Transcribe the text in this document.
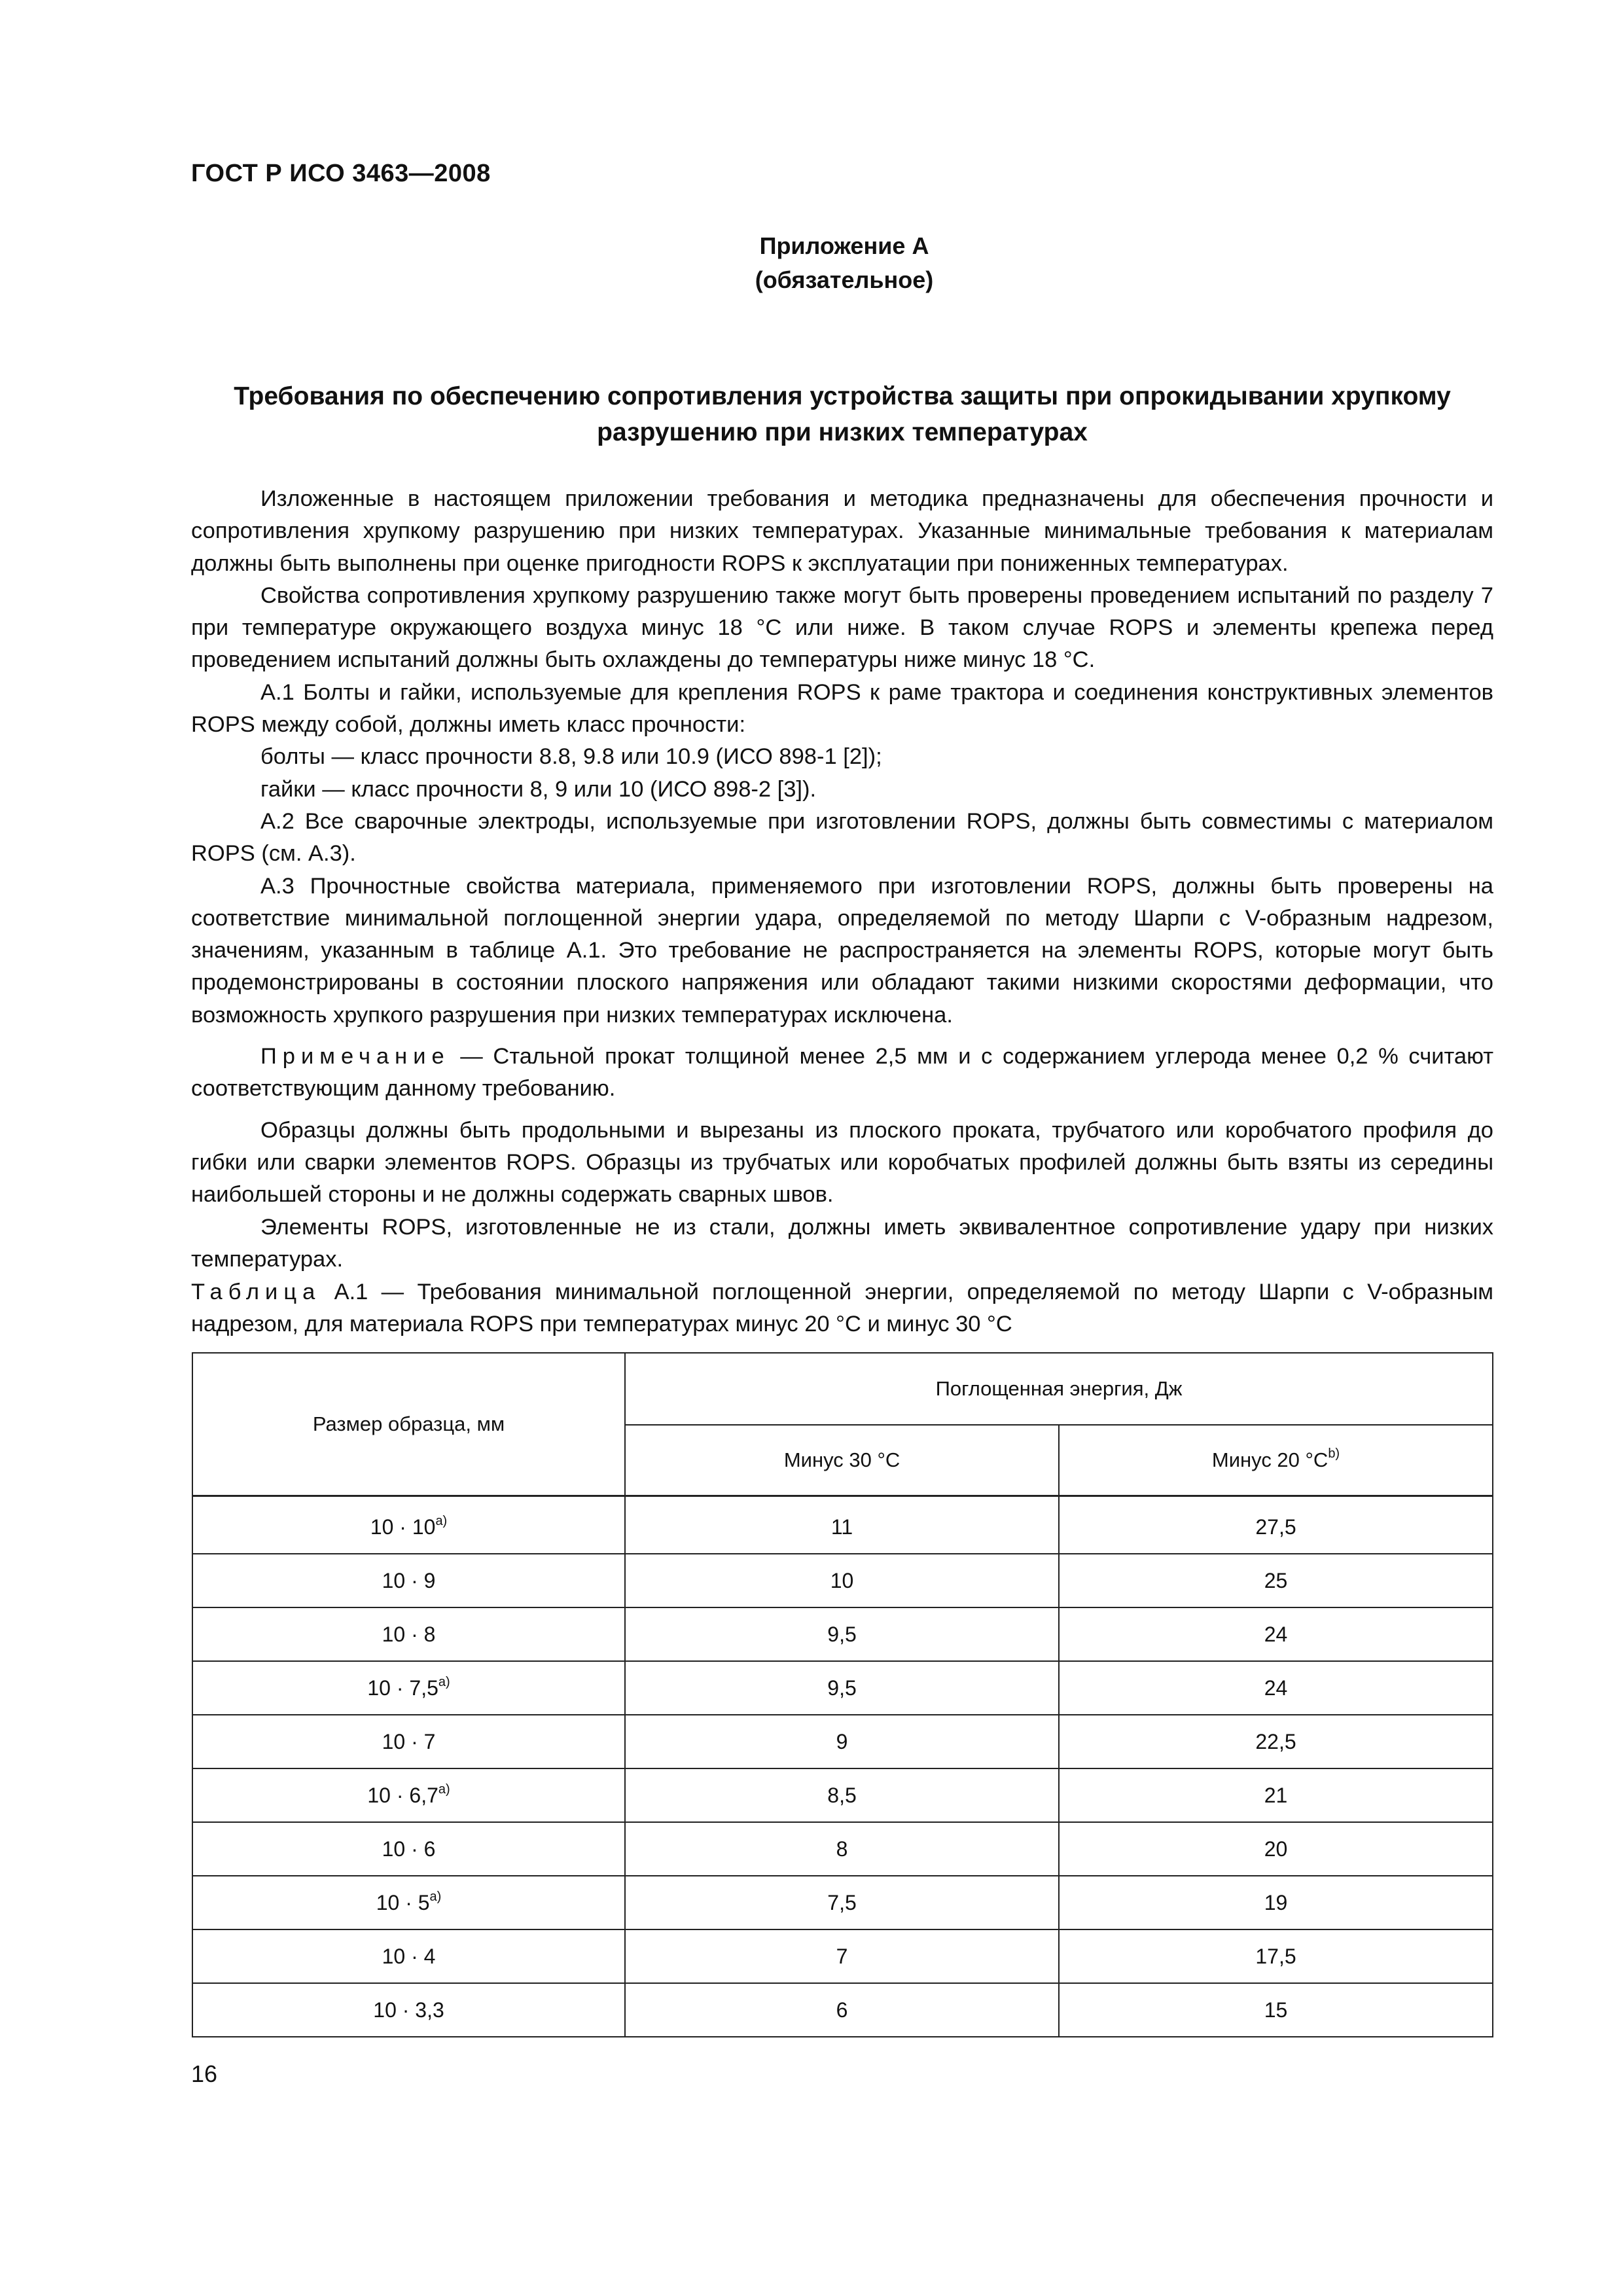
ГОСТ Р ИСО 3463—2008
Приложение А
(обязательное)
Требования по обеспечению сопротивления устройства защиты при опрокидывании хрупкому
разрушению при низких температурах

Изложенные в настоящем приложении требования и методика предназначены для обеспечения прочности и сопротивления хрупкому разрушению при низких температурах. Указанные минимальные требования к материалам должны быть выполнены при оценке пригодности ROPS к эксплуатации при пониженных температурах.

Свойства сопротивления хрупкому разрушению также могут быть проверены проведением испытаний по разделу 7 при температуре окружающего воздуха минус 18 °С или ниже. В таком случае ROPS и элементы крепежа перед проведением испытаний должны быть охлаждены до температуры ниже минус 18 °С.

А.1 Болты и гайки, используемые для крепления ROPS к раме трактора и соединения конструктивных элементов ROPS между собой, должны иметь класс прочности:

болты — класс прочности 8.8, 9.8 или 10.9 (ИСО 898-1 [2]);

гайки — класс прочности 8, 9 или 10 (ИСО 898-2 [3]).

А.2 Все сварочные электроды, используемые при изготовлении ROPS, должны быть совместимы с материалом ROPS (см. А.3).

А.3 Прочностные свойства материала, применяемого при изготовлении ROPS, должны быть проверены на соответствие минимальной поглощенной энергии удара, определяемой по методу Шарпи с V-образным надрезом, значениям, указанным в таблице А.1. Это требование не распространяется на элементы ROPS, которые могут быть продемонстрированы в состоянии плоского напряжения или обладают такими низкими скоростями деформации, что возможность хрупкого разрушения при низких температурах исключена.

Примечание — Стальной прокат толщиной менее 2,5 мм и с содержанием углерода менее 0,2 % считают соответствующим данному требованию.

Образцы должны быть продольными и вырезаны из плоского проката, трубчатого или коробчатого профиля до гибки или сварки элементов ROPS. Образцы из трубчатых или коробчатых профилей должны быть взяты из середины наибольшей стороны и не должны содержать сварных швов.

Элементы ROPS, изготовленные не из стали, должны иметь эквивалентное сопротивление удару при низких температурах.

Таблица А.1 — Требования минимальной поглощенной энергии, определяемой по методу Шарпи с V-образным надрезом, для материала ROPS при температурах минус 20 °С и минус 30 °С
Размер образца, мм	Поглощенная энергия, Дж	
	Минус 30 °С	Минус 20 $^\circ С^{b)}$
$10 \cdot 10^{a)}$	11	27,5
10 · 9	10	25
10 · 8	9,5	24
$10 \cdot 7,5^{a)}$	9,5	24
10 · 7	9	22,5
$10 \cdot 6,7^{a)}$	8,5	21
10 · 6	8	20
$10 \cdot 5^{a)}$	7,5	19
10 · 4	7	17,5
10 · 3,3	6	15
16
